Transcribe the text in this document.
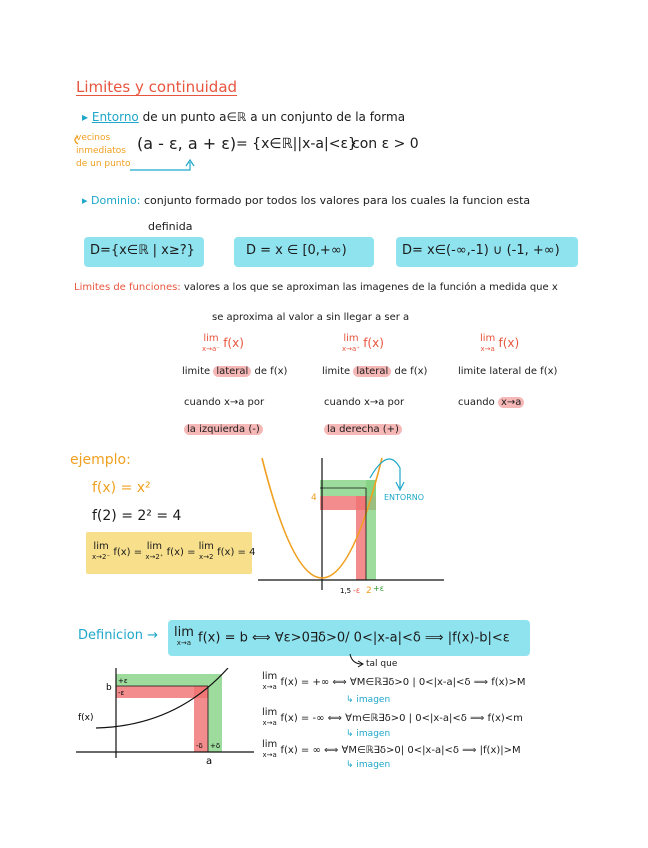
Limites y continuidad
▸ Entorno de un punto a∈ℝ a un conjunto de la forma
vecinos
inmediatos
de un punto
(a - ε, a + ε) = {x∈ℝ||x-a|<ε}
con ε > 0
▸ Dominio: conjunto formado por todos los valores para los cuales la funcion esta
definida
D={x∈ℝ | x≥?}	D = x ∈ [0,+∞)	D= x∈(-∞,-1) ∪ (-1, +∞)
Limites de funciones: valores a los que se aproximan las imagenes de la función a medida que x
se aproxima al valor a sin llegar a ser a
lim
x→a⁻ f(x)
limite lateral de f(x)
cuando x→a por
la izquierda (-)
lim
x→a⁺ f(x)
limite lateral de f(x)
cuando x→a por
la derecha (+)
lim
x→a f(x)
limite lateral de f(x)
cuando x→a
ejemplo:
f(x) = x²
f(2) = 2² = 4
lim
x→2⁻ f(x) = lim
x→2⁺ f(x) = lim
x→2 f(x) = 4
ENTORNO
4
1,5 -ε 2 +ε
Definicion → lim
x→a f(x) = b ⟺ ∀ε>0∃δ>0/ 0<|x-a|<δ ⟹ |f(x)-b|<ε
tal que
+ε
-ε
b
f(x)
-δ +δ
a
lim
x→a f(x) = +∞ ⟺ ∀M∈ℝ∃δ>0 | 0<|x-a|<δ ⟹ f(x)>M
↳ imagen
lim
x→a f(x) = -∞ ⟺ ∀m∈ℝ∃δ>0 | 0<|x-a|<δ ⟹ f(x)<m
↳ imagen
lim
x→a f(x) = ∞ ⟺ ∀M∈ℝ∃δ>0| 0<|x-a|<δ ⟹ |f(x)|>M
↳ imagen
